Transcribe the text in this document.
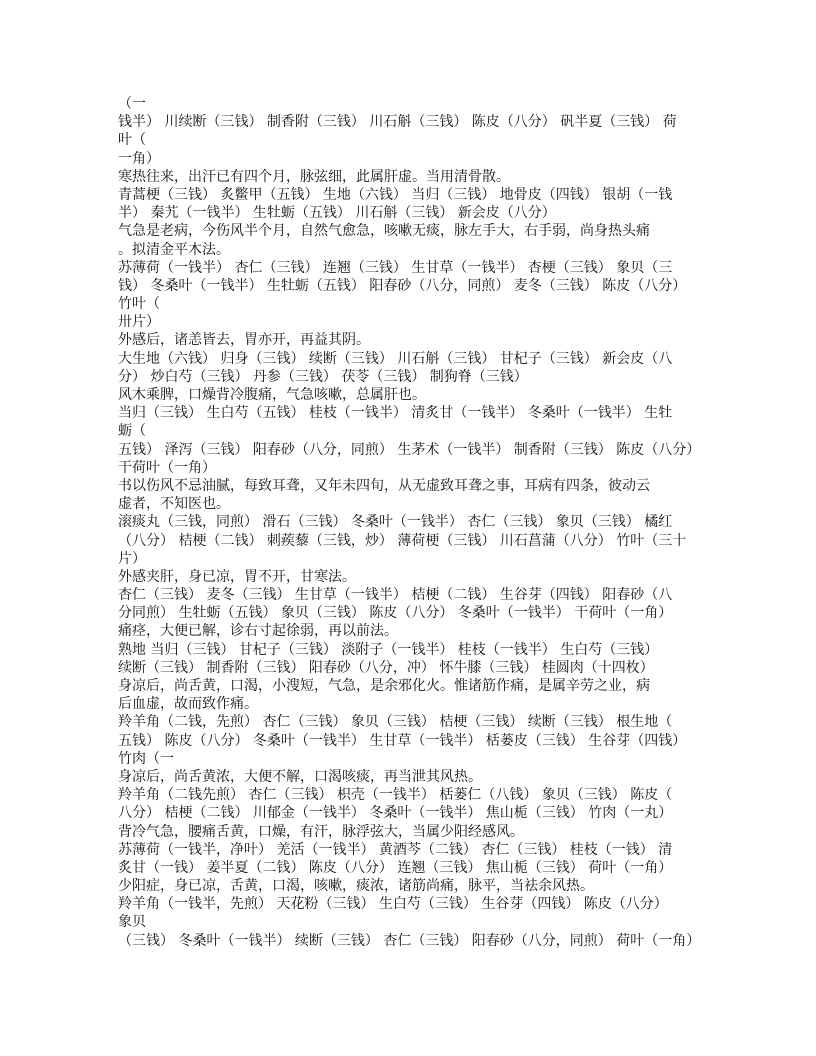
（一
钱半） 川续断（三钱） 制香附（三钱） 川石斛（三钱） 陈皮（八分） 矾半夏（三钱） 荷
叶（
一角）
寒热往来，出汗已有四个月，脉弦细，此属肝虚。当用清骨散。
青蒿梗（三钱） 炙鳖甲（五钱） 生地（六钱） 当归（三钱） 地骨皮（四钱） 银胡（一钱
半） 秦艽（一钱半） 生牡蛎（五钱） 川石斛（三钱） 新会皮（八分）
气急是老病，今伤风半个月，自然气愈急，咳嗽无痰，脉左手大，右手弱，尚身热头痛
。拟清金平木法。
苏薄荷（一钱半） 杏仁（三钱） 连翘（三钱） 生甘草（一钱半） 杏梗（三钱） 象贝（三
钱） 冬桑叶（一钱半） 生牡蛎（五钱） 阳春砂（八分，同煎） 麦冬（三钱） 陈皮（八分）
竹叶（
卅片）
外感后，诸恙皆去，胃亦开，再益其阴。
大生地（六钱） 归身（三钱） 续断（三钱） 川石斛（三钱） 甘杞子（三钱） 新会皮（八
分） 炒白芍（三钱） 丹参（三钱） 茯苓（三钱） 制狗脊（三钱）
风木乘脾，口燥背冷腹痛，气急咳嗽，总属肝也。
当归（三钱） 生白芍（五钱） 桂枝（一钱半） 清炙甘（一钱半） 冬桑叶（一钱半） 生牡
蛎（
五钱） 泽泻（三钱） 阳春砂（八分，同煎） 生茅术（一钱半） 制香附（三钱） 陈皮（八分）
干荷叶（一角）
书以伤风不忌油腻，每致耳聋，又年未四旬，从无虚致耳聋之事，耳病有四条，彼动云
虚者，不知医也。
滚痰丸（三钱，同煎） 滑石（三钱） 冬桑叶（一钱半） 杏仁（三钱） 象贝（三钱） 橘红
（八分） 桔梗（二钱） 刺蒺藜（三钱，炒） 薄荷梗（三钱） 川石菖蒲（八分） 竹叶（三十
片）
外感夹肝，身已凉，胃不开，甘寒法。
杏仁（三钱） 麦冬（三钱） 生甘草（一钱半） 桔梗（二钱） 生谷芽（四钱） 阳春砂（八
分同煎） 生牡蛎（五钱） 象贝（三钱） 陈皮（八分） 冬桑叶（一钱半） 干荷叶（一角）
痛痉，大便已解，诊右寸起徐弱，再以前法。
熟地 当归（三钱） 甘杞子（三钱） 淡附子（一钱半） 桂枝（一钱半） 生白芍（三钱）
续断（三钱） 制香附（三钱） 阳春砂（八分，冲） 怀牛膝（三钱） 桂圆肉（十四枚）
身凉后，尚舌黄，口渴，小溲短，气急，是余邪化火。惟诸筋作痛，是属辛劳之业，病
后血虚，故而致作痛。
羚羊角（二钱，先煎） 杏仁（三钱） 象贝（三钱） 桔梗（三钱） 续断（三钱） 根生地（
五钱） 陈皮（八分） 冬桑叶（一钱半） 生甘草（一钱半） 栝蒌皮（三钱） 生谷芽（四钱）
竹肉（一
身凉后，尚舌黄浓，大便不解，口渴咳痰，再当泄其风热。
羚羊角（二钱先煎） 杏仁（三钱） 枳壳（一钱半） 栝蒌仁（八钱） 象贝（三钱） 陈皮（
八分） 桔梗（二钱） 川郁金（一钱半） 冬桑叶（一钱半） 焦山栀（三钱） 竹肉（一丸）
背冷气急，腰痛舌黄，口燥，有汗，脉浮弦大，当属少阳经感风。
苏薄荷（一钱半，净叶） 羌活（一钱半） 黄酒芩（二钱） 杏仁（三钱） 桂枝（一钱） 清
炙甘（一钱） 姜半夏（二钱） 陈皮（八分） 连翘（三钱） 焦山栀（三钱） 荷叶（一角）
少阳症，身已凉，舌黄，口渴，咳嗽，痰浓，诸筋尚痛，脉平，当祛余风热。
羚羊角（一钱半，先煎） 天花粉（三钱） 生白芍（三钱） 生谷芽（四钱） 陈皮（八分）
象贝
（三钱） 冬桑叶（一钱半） 续断（三钱） 杏仁（三钱） 阳春砂（八分，同煎） 荷叶（一角）
